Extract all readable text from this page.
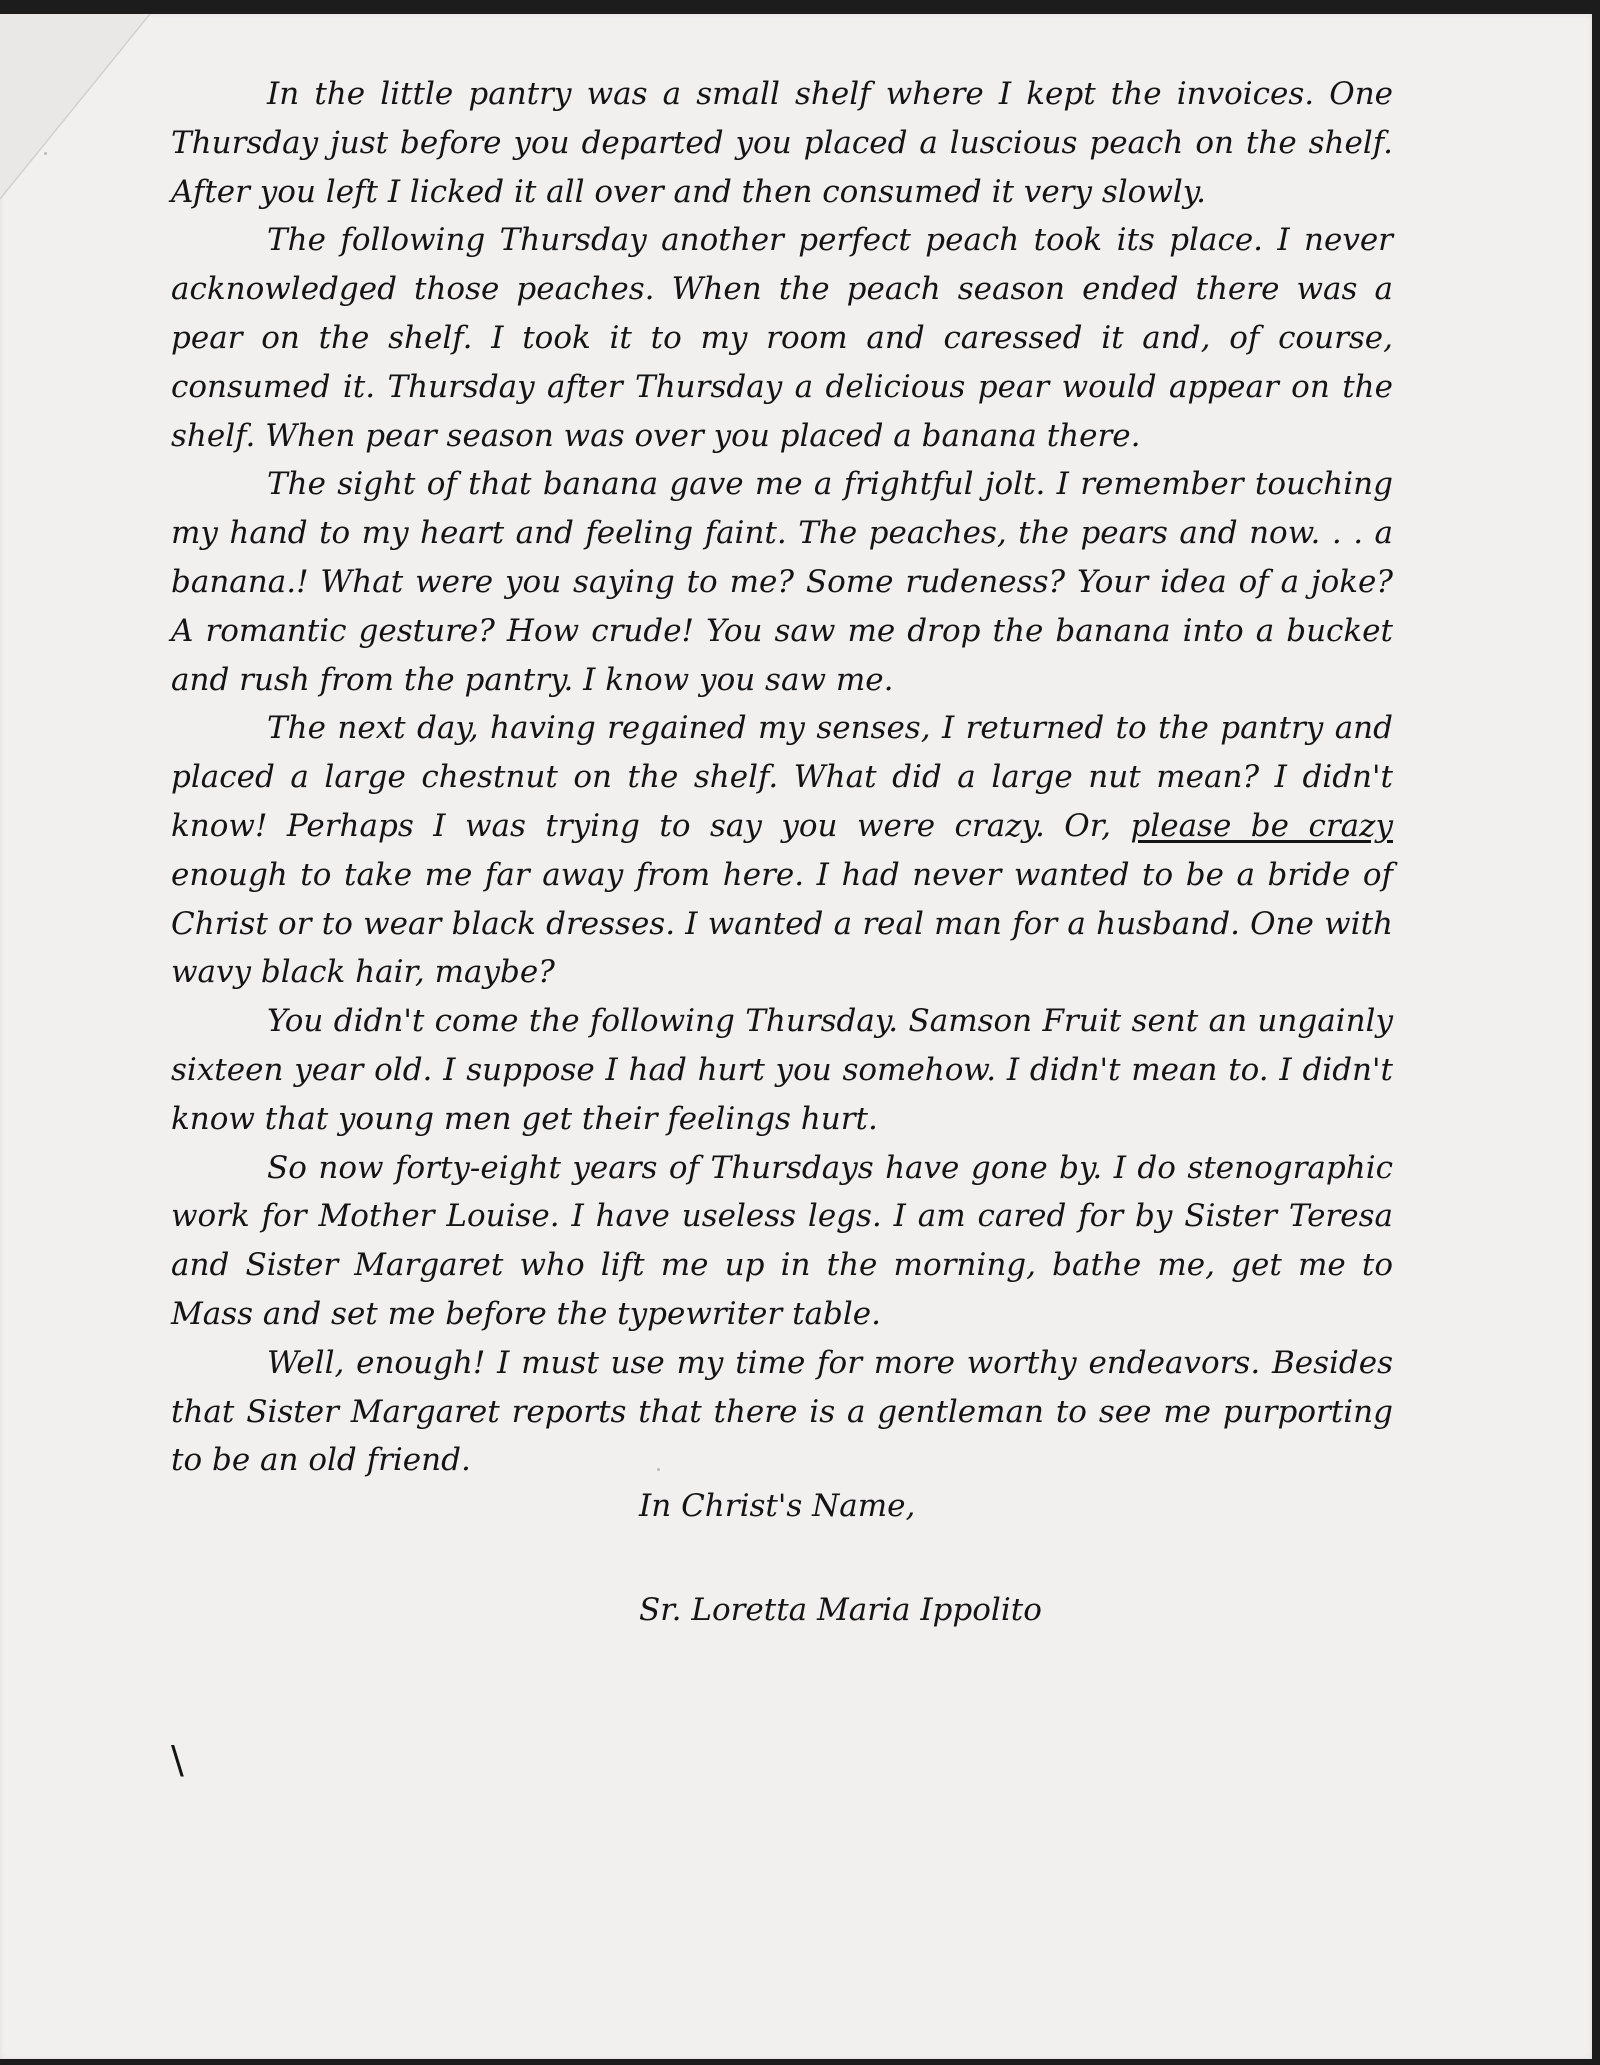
In the little pantry was a small shelf where I kept the invoices. One Thursday just before you departed you placed a luscious peach on the shelf. After you left I licked it all over and then consumed it very slowly.

The following Thursday another perfect peach took its place. I never acknowledged those peaches. When the peach season ended there was a pear on the shelf. I took it to my room and caressed it and, of course, consumed it. Thursday after Thursday a delicious pear would appear on the shelf. When pear season was over you placed a banana there.

The sight of that banana gave me a frightful jolt. I remember touching my hand to my heart and feeling faint. The peaches, the pears and now. . . a banana.! What were you saying to me? Some rudeness? Your idea of a joke? A romantic gesture? How crude! You saw me drop the banana into a bucket and rush from the pantry. I know you saw me.

The next day, having regained my senses, I returned to the pantry and placed a large chestnut on the shelf. What did a large nut mean? I didn't know! Perhaps I was trying to say you were crazy. Or, please be crazy enough to take me far away from here. I had never wanted to be a bride of Christ or to wear black dresses. I wanted a real man for a husband. One with wavy black hair, maybe?

You didn't come the following Thursday. Samson Fruit sent an ungainly sixteen year old. I suppose I had hurt you somehow. I didn't mean to. I didn't know that young men get their feelings hurt.

So now forty-eight years of Thursdays have gone by. I do stenographic work for Mother Louise. I have useless legs. I am cared for by Sister Teresa and Sister Margaret who lift me up in the morning, bathe me, get me to Mass and set me before the typewriter table.

Well, enough! I must use my time for more worthy endeavors. Besides that Sister Margaret reports that there is a gentleman to see me purporting to be an old friend.

In Christ's Name,
Sr. Loretta Maria Ippolito
\
